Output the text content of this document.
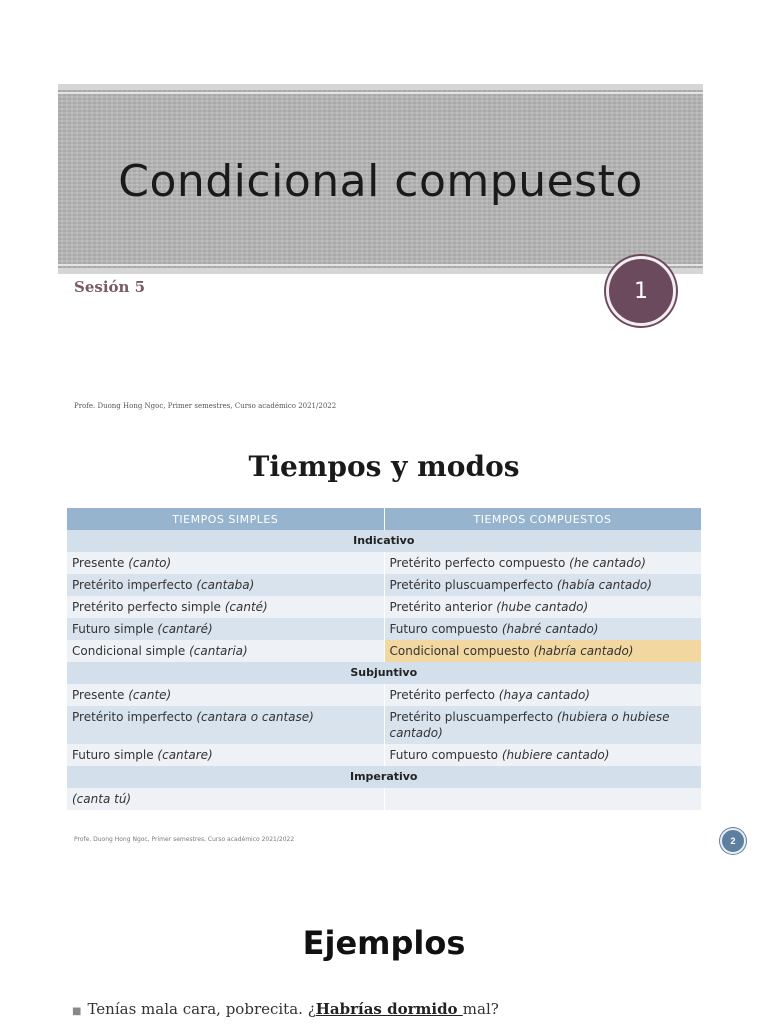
Condicional compuesto
Sesión 5	1
Profe. Duong Hong Ngoc, Primer semestres, Curso académico 2021/2022
Tiempos y modos
TIEMPOS SIMPLES	TIEMPOS COMPUESTOS
Indicativo	
Presente (canto)	Pretérito perfecto compuesto (he cantado)
Pretérito imperfecto (cantaba)	Pretérito pluscuamperfecto (había cantado)
Pretérito perfecto simple (canté)	Pretérito anterior (hube cantado)
Futuro simple (cantaré)	Futuro compuesto (habré cantado)
Condicional simple (cantaria)	Condicional compuesto (habría cantado)
Subjuntivo	
Presente (cante)	Pretérito perfecto (haya cantado)
Pretérito imperfecto (cantara o cantase)	Pretérito pluscuamperfecto (hubiera o hubiese cantado)
Futuro simple (cantare)	Futuro compuesto (hubiere cantado)
Imperativo	
(canta tú)	
Profe. Duong Hong Ngoc, Primer semestres, Curso académico 2021/2022	2
Ejemplos
■ Tenías mala cara, pobrecita. ¿Habrías dormido mal?
